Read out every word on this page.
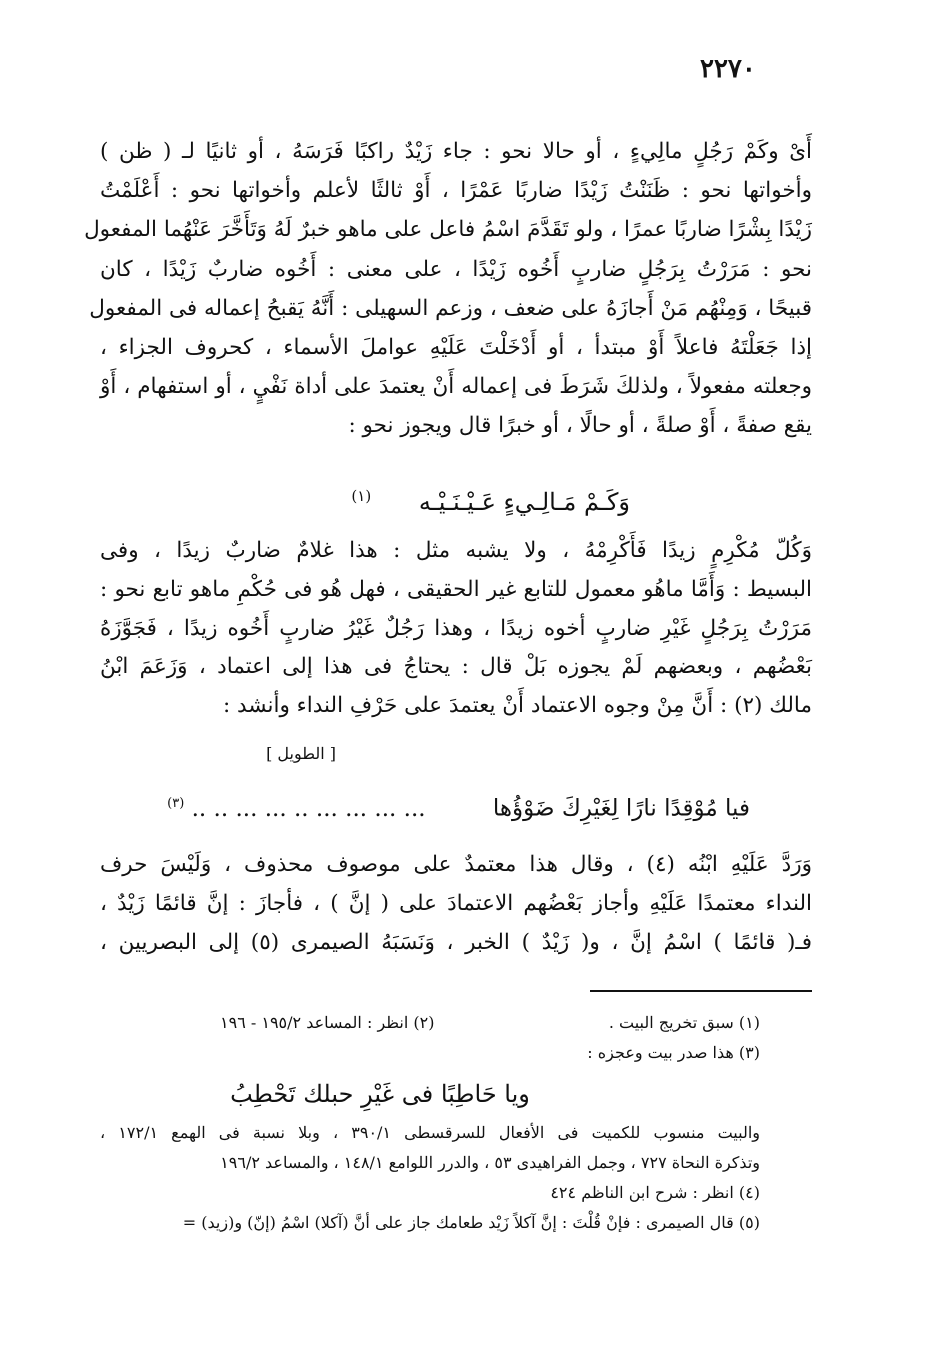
٢٢٧٠
أَىْ وكَمْ رَجُلٍ مالِيءٍ ، أو حالا نحو : جاء زَيْدٌ راكبًا فَرَسَهُ ، أو ثانيًا لـ ( ظن )
وأخواتها نحو : ظَنَنْتُ زَيْدًا ضاربًا عَمْرًا ، أَوْ ثالثًا لأعلم وأخواتها نحو : أَعْلَمْتُ
زَيْدًا بِشْرًا ضاربًا عمرًا ، ولو تَقَدَّمَ اسْمُ فاعل على ماهو خبرٌ لَهُ وَتَأَخَّرَ عَنْهُما المفعول
نحو : مَرَرْتُ بِرَجُلٍ ضاربٍ أَخُوه زَيْدًا ، على معنى : أَخُوه ضاربٌ زَيْدًا ، كان
قبيحًا ، وَمِنْهُم مَنْ أَجازَهُ على ضعف ، وزعم السهيلى : أَنَّهُ يَقبحُ إعماله فى المفعول
إذا جَعَلْتَهُ فاعلاً أَوْ مبتدأ ، أو أَدْخَلْتَ عَلَيْهِ عواملَ الأسماء ، كحروف الجزاء ،
وجعلته مفعولاً ، ولذلكَ شَرَطَ فى إعماله أَنْ يعتمدَ على أداة نَفْيٍ ، أو استفهام ، أَوْ
يقع صفةً ، أَوْ صلةً ، أو حالًا ، أو خبرًا قال ويجوز نحو :
وَكَـمْ مَـالِـيءٍ عَـيْـنَـيْـه $^{(١)}$
وَكُلّ مُكْرِمٍ زيدًا فَأَكْرِمْهُ ، ولا يشبه مثل : هذا غلامٌ ضاربٌ زيدًا ، وفى
البسيط : وَأَمَّا ماهُو معمول للتابع غير الحقيقى ، فهل هُو فى حُكْمِ ماهو تابع نحو :
مَرَرْتُ بِرَجُلٍ غَيْرِ ضاربٍ أخوه زيدًا ، وهذا رَجُلٌ غَيْرُ ضاربٍ أَخُوه زيدًا ، فَجَوَّزَهُ
بَعْضُهم ، وبعضهم لَمْ يجوزه بَلْ قال : يحتاجُ فى هذا إلى اعتماد ، وَزَعَمَ ابْنُ
مالك (٢) : أَنَّ مِنْ وجوه الاعتماد أَنْ يعتمدَ على حَرْفِ النداء وأنشد :
[ الطويل ]
فيا مُوْقِدًا نارًا لِغَيْرِكَ ضَوْؤُها ... ... ... ... .. ... ... .. .. $^{(٣)}$
وَرَدَّ عَلَيْهِ ابْنُه (٤) ، وقال هذا معتمدٌ على موصوف محذوف ، وَلَيْسَ حرف
النداء معتمدًا عَلَيْهِ وأجاز بَعْضُهم الاعتمادَ على ( إنَّ ) ، فأجازَ : إنَّ قائمًا زَيْدٌ ،
فـ( قائمًا ) اسْمُ إنَّ ، و( زَيْدٌ ) الخبر ، وَنَسَبَهُ الصيمرى (٥) إلى البصريين ،
(١) سبق تخريج البيت .
(٢) انظر : المساعد ١٩٥/٢ - ١٩٦
(٣) هذا صدر بيت وعجزه :
ويا حَاطِبًا فى غَيْرِ حبلك تَحْطِبُ
والبيت منسوب للكميت فى الأفعال للسرقسطى ٣٩٠/١ ، وبلا نسبة فى الهمع ١٧٢/١ ،
وتذكرة النحاة ٧٢٧ ، وجمل الفراهيدى ٥٣ ، والدرر اللوامع ١٤٨/١ ، والمساعد ١٩٦/٢
(٤) انظر : شرح ابن الناظم ٤٢٤
(٥) قال الصيمرى : فإنْ قُلْتَ : إنَّ آكلاً زَيْد طعامك جاز على أنَّ (آكلا) اسْمُ (إنّ) و(زيد) =
